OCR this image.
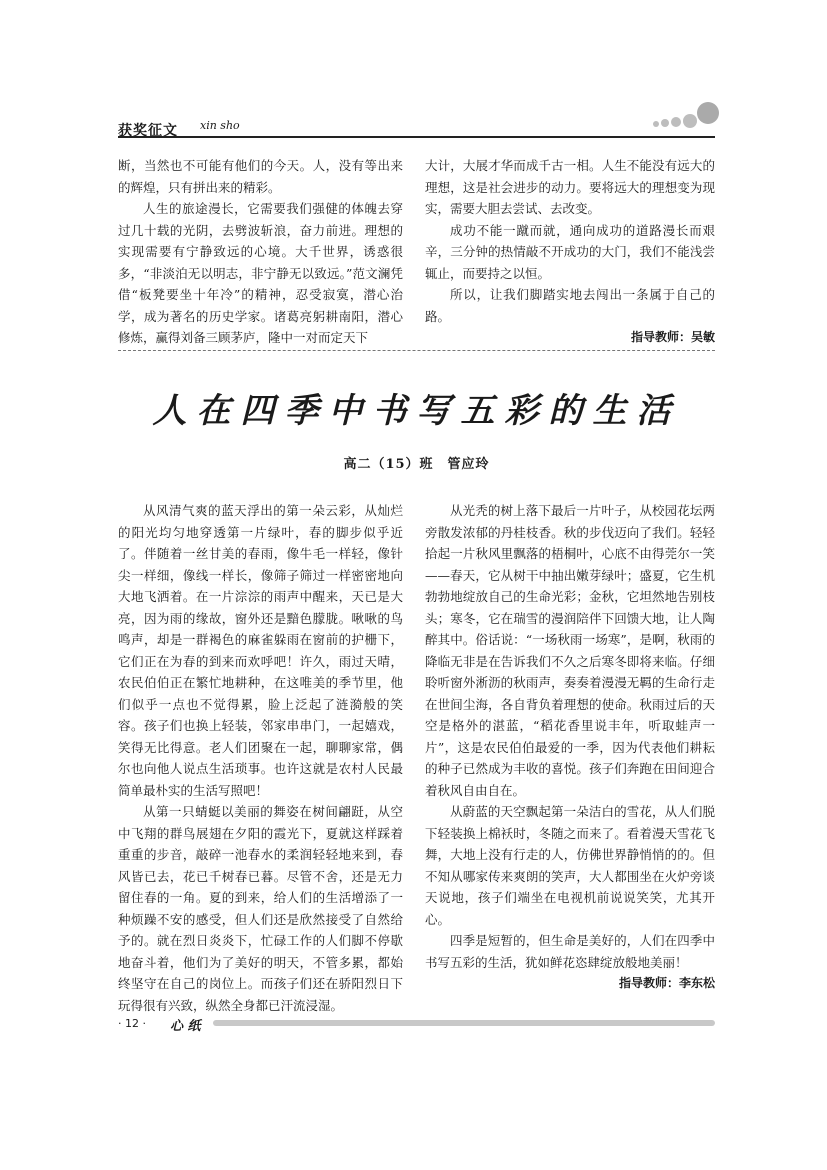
获奖征文 xin sho

断，当然也不可能有他们的今天。人，没有等出来的辉煌，只有拼出来的精彩。

人生的旅途漫长，它需要我们强健的体魄去穿过几十载的光阴，去劈波斩浪，奋力前进。理想的实现需要有宁静致远的心境。大千世界，诱惑很多，“非淡泊无以明志，非宁静无以致远。”范文澜凭借“板凳要坐十年冷”的精神，忍受寂寞，潜心治学，成为著名的历史学家。诸葛亮躬耕南阳，潜心修炼，赢得刘备三顾茅庐，隆中一对而定天下

大计，大展才华而成千古一相。人生不能没有远大的理想，这是社会进步的动力。要将远大的理想变为现实，需要大胆去尝试、去改变。

成功不能一蹴而就，通向成功的道路漫长而艰辛，三分钟的热情敲不开成功的大门，我们不能浅尝辄止，而要持之以恒。

所以，让我们脚踏实地去闯出一条属于自己的路。

指导教师：吴敏
人在四季中书写五彩的生活
高二（15）班　管应玲

从风清气爽的蓝天浮出的第一朵云彩，从灿烂的阳光均匀地穿透第一片绿叶，春的脚步似乎近了。伴随着一丝甘美的春雨，像牛毛一样轻，像针尖一样细，像线一样长，像筛子筛过一样密密地向大地飞洒着。在一片淙淙的雨声中醒来，天已是大亮，因为雨的缘故，窗外还是黯色朦胧。啾啾的鸟鸣声，却是一群褐色的麻雀躲雨在窗前的护栅下，它们正在为春的到来而欢呼吧！许久，雨过天晴，农民伯伯正在繁忙地耕种，在这唯美的季节里，他们似乎一点也不觉得累，脸上泛起了涟漪般的笑容。孩子们也换上轻装，邻家串串门，一起嬉戏，笑得无比得意。老人们团聚在一起，聊聊家常，偶尔也向他人说点生活琐事。也许这就是农村人民最简单最朴实的生活写照吧！

从第一只蜻蜓以美丽的舞姿在树间翩跹，从空中飞翔的群鸟展翅在夕阳的霞光下，夏就这样踩着重重的步音，敲碎一池春水的柔润轻轻地来到，春风皆已去，花已千树春已暮。尽管不舍，还是无力留住春的一角。夏的到来，给人们的生活增添了一种烦躁不安的感受，但人们还是欣然接受了自然给予的。就在烈日炎炎下，忙碌工作的人们脚不停歇地奋斗着，他们为了美好的明天，不管多累，都始终坚守在自己的岗位上。而孩子们还在骄阳烈日下玩得很有兴致，纵然全身都已汗流浸湿。

从光秃的树上落下最后一片叶子，从校园花坛两旁散发浓郁的丹桂枝香。秋的步伐迈向了我们。轻轻拾起一片秋风里飘落的梧桐叶，心底不由得莞尔一笑——春天，它从树干中抽出嫩芽绿叶；盛夏，它生机勃勃地绽放自己的生命光彩；金秋，它坦然地告别枝头；寒冬，它在瑞雪的漫润陪伴下回馈大地，让人陶醉其中。俗话说：“一场秋雨一场寒”，是啊，秋雨的降临无非是在告诉我们不久之后寒冬即将来临。仔细聆听窗外淅沥的秋雨声，奏奏着漫漫无羁的生命行走在世间尘海，各自背负着理想的使命。秋雨过后的天空是格外的湛蓝，“稻花香里说丰年，听取蛙声一片”，这是农民伯伯最爱的一季，因为代表他们耕耘的种子已然成为丰收的喜悦。孩子们奔跑在田间迎合着秋风自由自在。

从蔚蓝的天空飘起第一朵洁白的雪花，从人们脱下轻装换上棉袄时，冬随之而来了。看着漫天雪花飞舞，大地上没有行走的人，仿佛世界静悄悄的的。但不知从哪家传来爽朗的笑声，大人都围坐在火炉旁谈天说地，孩子们端坐在电视机前说说笑笑，尤其开心。

四季是短暂的，但生命是美好的，人们在四季中书写五彩的生活，犹如鲜花恣肆绽放般地美丽！

指导教师：李东松
· 12 · 心 纸
